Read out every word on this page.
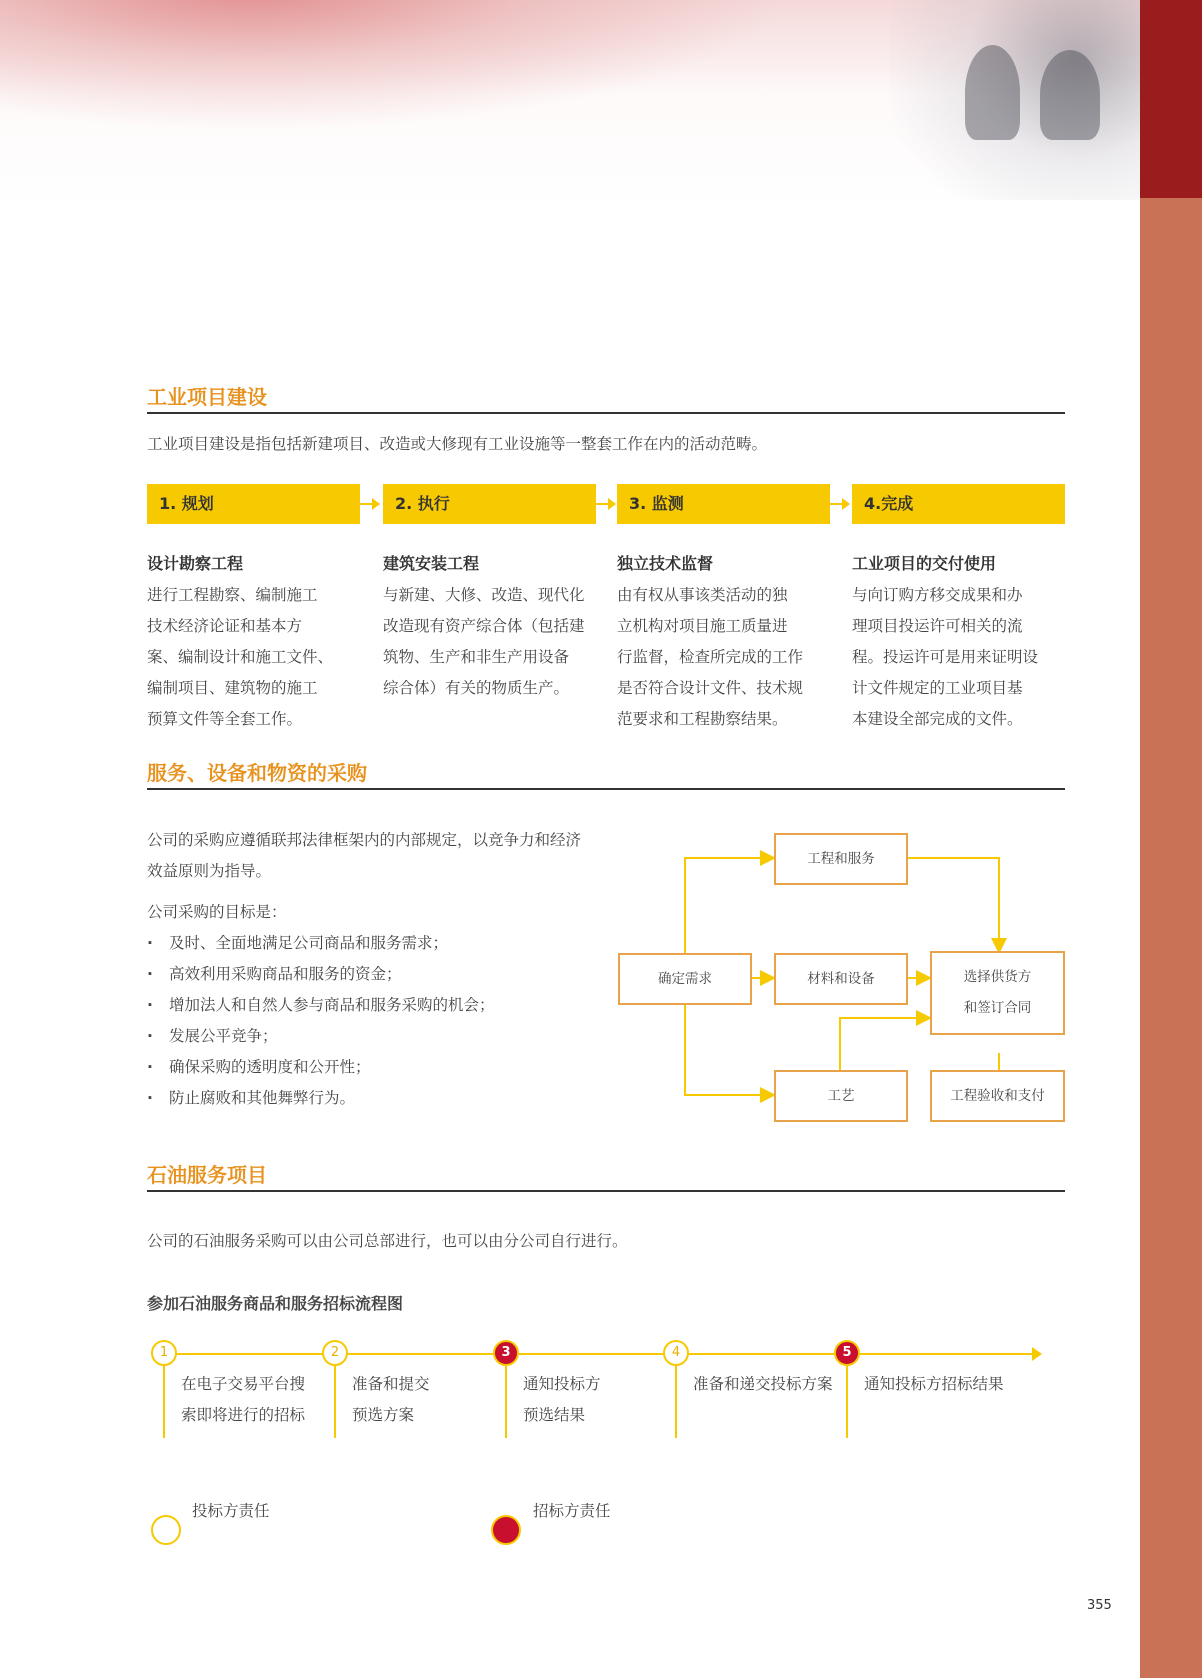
工业项目建设
工业项目建设是指包括新建项目、改造或大修现有工业设施等一整套工作在内的活动范畴。
1. 规划	2. 执行	3. 监测	4.完成
设计勘察工程
进行工程勘察、编制施工
技术经济论证和基本方
案、编制设计和施工文件、
编制项目、建筑物的施工
预算文件等全套工作。
建筑安装工程
与新建、大修、改造、现代化
改造现有资产综合体（包括建
筑物、生产和非生产用设备
综合体）有关的物质生产。
独立技术监督
由有权从事该类活动的独
立机构对项目施工质量进
行监督，检查所完成的工作
是否符合设计文件、技术规
范要求和工程勘察结果。
工业项目的交付使用
与向订购方移交成果和办
理项目投运许可相关的流
程。投运许可是用来证明设
计文件规定的工业项目基
本建设全部完成的文件。
服务、设备和物资的采购
公司的采购应遵循联邦法律框架内的内部规定，以竞争力和经济
效益原则为指导。
公司采购的目标是：
· 及时、全面地满足公司商品和服务需求；
· 高效利用采购商品和服务的资金；
· 增加法人和自然人参与商品和服务采购的机会；
· 发展公平竞争；
· 确保采购的透明度和公开性；
· 防止腐败和其他舞弊行为。
确定需求
工程和服务
材料和设备
工艺
选择供货方
和签订合同
工程验收和支付
石油服务项目
公司的石油服务采购可以由公司总部进行，也可以由分公司自行进行。
参加石油服务商品和服务招标流程图
1
在电子交易平台搜
索即将进行的招标
2
准备和提交
预选方案
3
通知投标方
预选结果
4
准备和递交投标方案
5
通知投标方招标结果
投标方责任	招标方责任
355
